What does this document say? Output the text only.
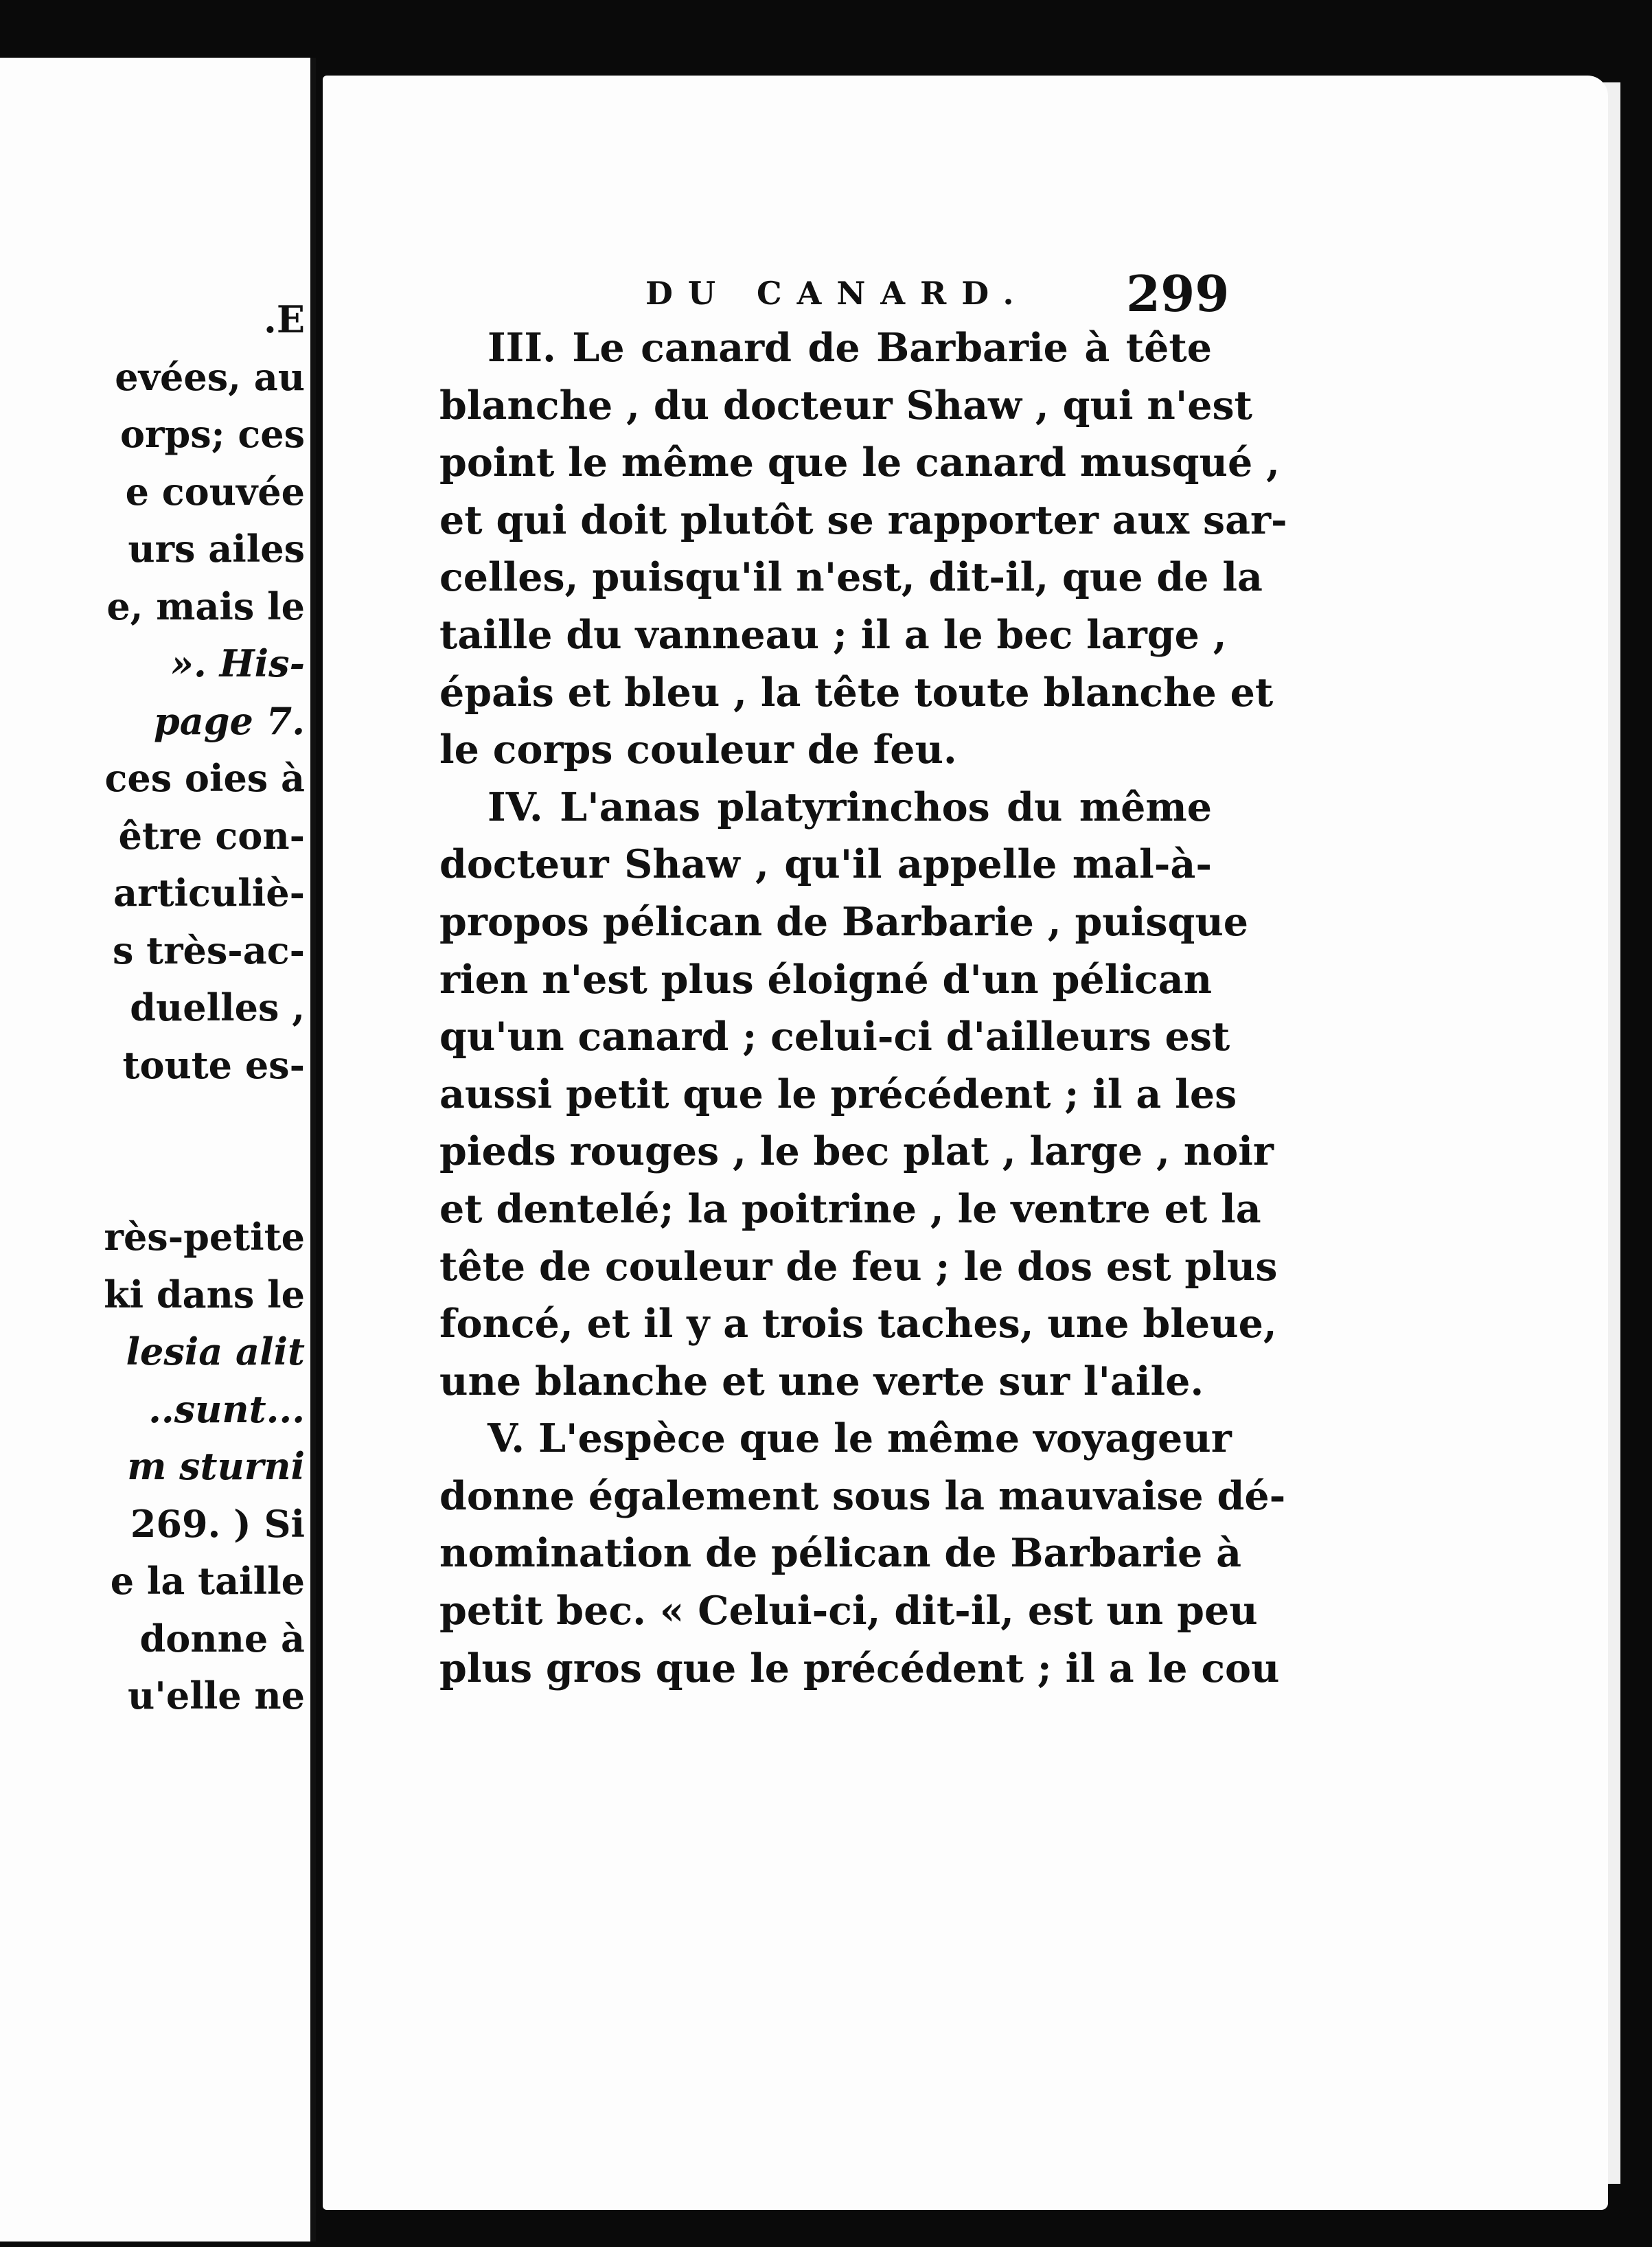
.E
evées, au
orps; ces
e couvée
urs ailes
e, mais le
». His-
page 7.
ces oies à
être con-
articuliè-
s très-ac-
duelles ,
toute es-
rès-petite
ki dans le
lesia alit
..sunt...
m sturni
269. ) Si
e la taille
donne à
u'elle ne
DU CANARD. 299
III. Le canard de Barbarie à tête
blanche , du docteur Shaw , qui n'est
point le même que le canard musqué ,
et qui doit plutôt se rapporter aux sar-
celles, puisqu'il n'est, dit-il, que de la
taille du vanneau ; il a le bec large ,
épais et bleu , la tête toute blanche et
le corps couleur de feu.
IV. L'anas platyrinchos du même
docteur Shaw , qu'il appelle mal-à-
propos pélican de Barbarie , puisque
rien n'est plus éloigné d'un pélican
qu'un canard ; celui-ci d'ailleurs est
aussi petit que le précédent ; il a les
pieds rouges , le bec plat , large , noir
et dentelé; la poitrine , le ventre et la
tête de couleur de feu ; le dos est plus
foncé, et il y a trois taches, une bleue,
une blanche et une verte sur l'aile.
V. L'espèce que le même voyageur
donne également sous la mauvaise dé-
nomination de pélican de Barbarie à
petit bec. « Celui-ci, dit-il, est un peu
plus gros que le précédent ; il a le cou
